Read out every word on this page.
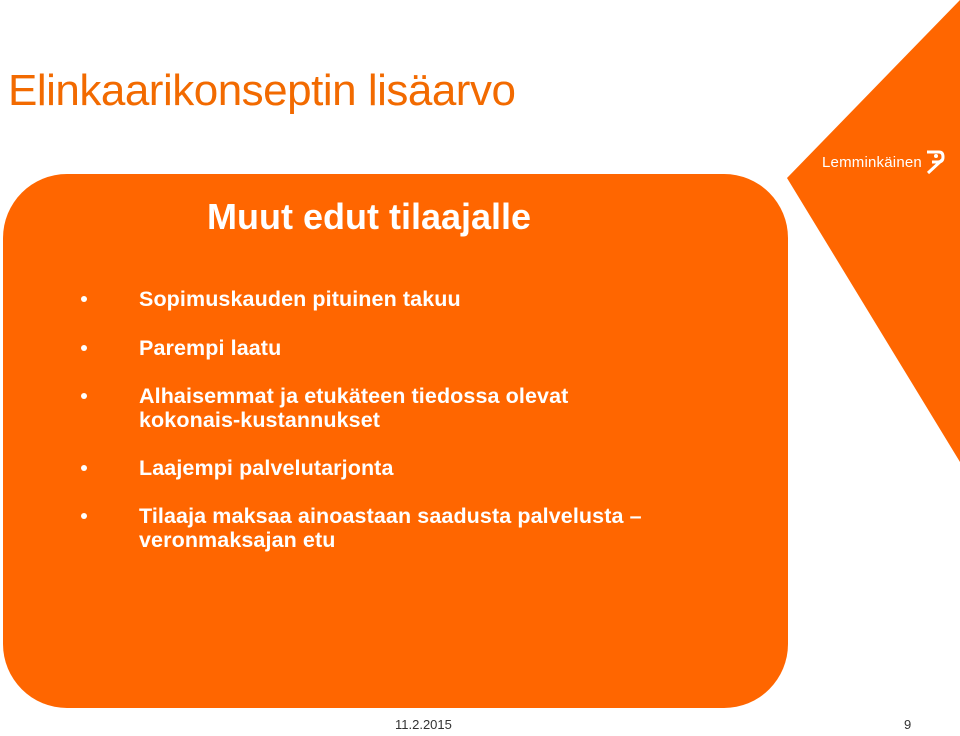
Elinkaarikonseptin lisäarvo
Lemminkäinen
Muut edut tilaajalle
Sopimuskauden pituinen takuu
Parempi laatu
Alhaisemmat ja etukäteen tiedossa olevat kokonais-kustannukset
Laajempi palvelutarjonta
Tilaaja maksaa ainoastaan saadusta palvelusta – veronmaksajan etu
11.2.2015	9
